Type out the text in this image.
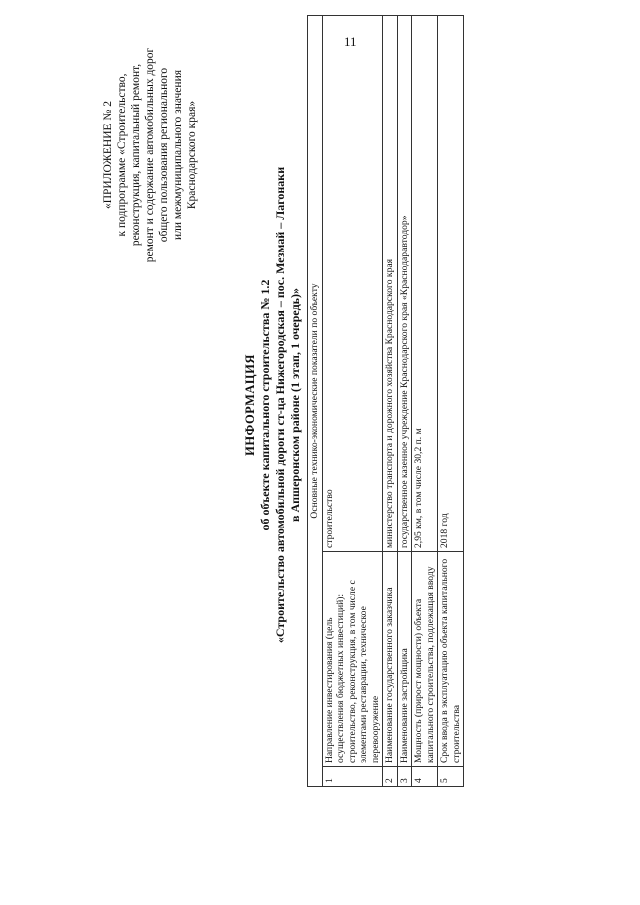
11
«ПРИЛОЖЕНИЕ № 2 к подпрограмме «Строительство, реконструкция, капитальный ремонт, ремонт и содержание автомобильных дорог общего пользования регионального или межмуниципального значения Краснодарского края»
ИНФОРМАЦИЯ об объекте капитального строительства № 1.2 «Строительство автомобильной дороги ст-ца Нижегородская – пос. Мезмай – Лагонаки в Апшеронском районе (1 этап, 1 очередь)» Основные технико-экономические показатели по объекту		
1	Направление инвестирования (цель осуществления бюджетных инвестиций): строительство, реконструкция, в том числе с элементами реставрации, техническое перевооружение	строительство
2	Наименование государственного заказчика	министерство транспорта и дорожного хозяйства Краснодарского края
3	Наименование застройщика	государственное казенное учреждение Краснодарского края «Краснодаравтодор»
4	Мощность (прирост мощности) объекта капитального строительства, подлежащая вводу	2,95 км, в том числе 30,2 п. м
5	Срок ввода в эксплуатацию объекта капитального строительства	2018 год
